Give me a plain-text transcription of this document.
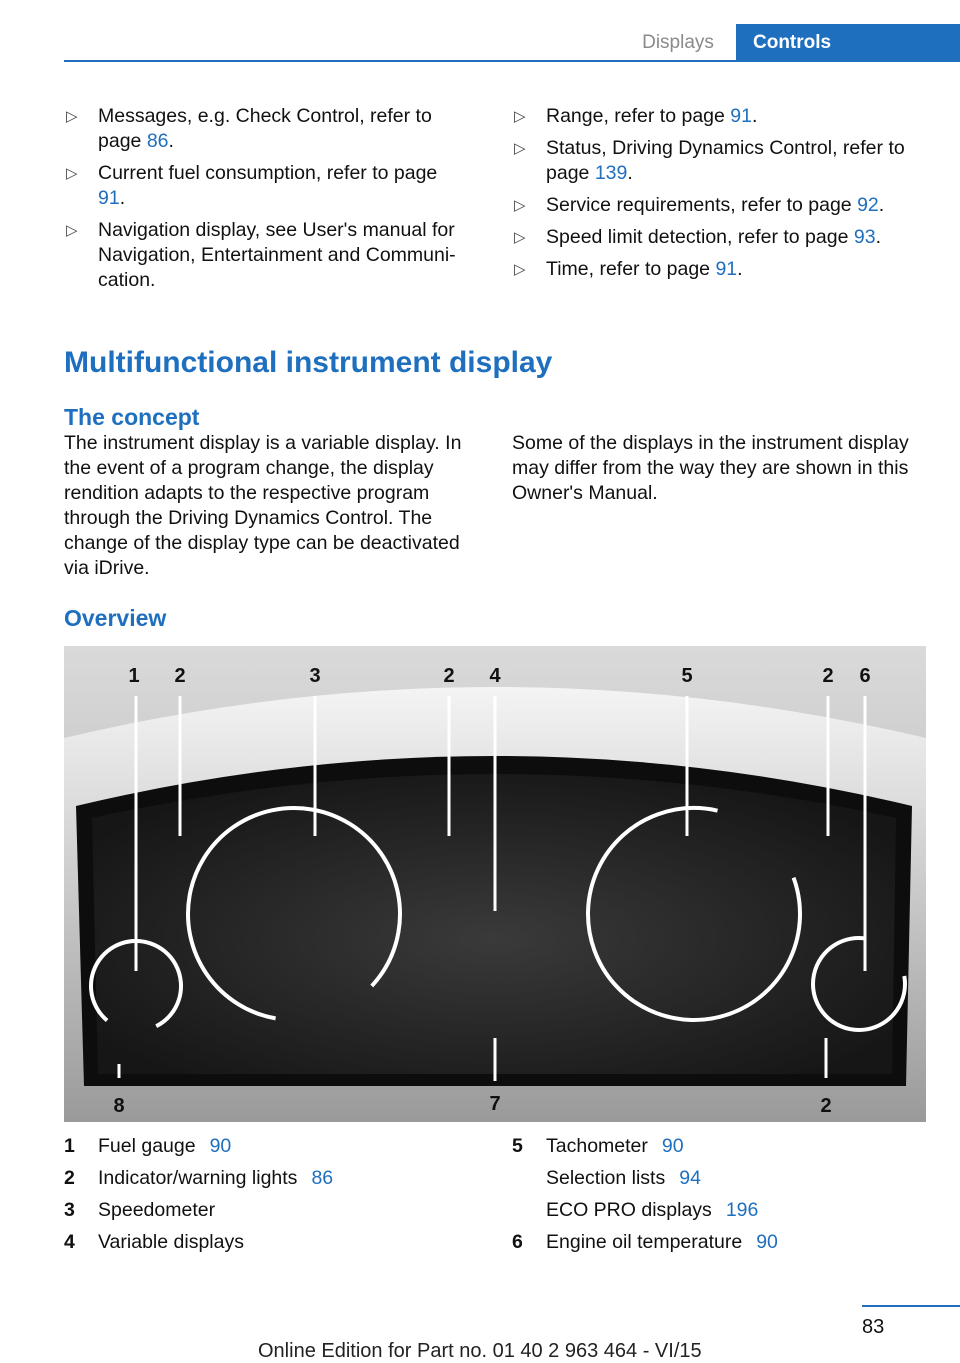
Displays	Controls
▷ Messages, e.g. Check Control, refer to page 86.
▷ Current fuel consumption, refer to page 91.
▷ Navigation display, see User's manual for Navigation, Entertainment and Communi‐cation.
▷ Range, refer to page 91.
▷ Status, Driving Dynamics Control, refer to page 139.
▷ Service requirements, refer to page 92.
▷ Speed limit detection, refer to page 93.
▷ Time, refer to page 91.
Multifunctional instrument display
The concept
The instrument display is a variable display. In the event of a program change, the display rendition adapts to the respective program through the Driving Dynamics Control. The change of the display type can be deactivated via iDrive.
Some of the displays in the instrument display may differ from the way they are shown in this Owner's Manual.
Overview
1 2	3	2 4	5	2 6
8	7	2
1 Fuel gauge 90
2 Indicator/warning lights 86
3 Speedometer
4 Variable displays
5 Tachometer 90
Selection lists 94
ECO PRO displays 196
6 Engine oil temperature 90
83
Online Edition for Part no. 01 40 2 963 464 - VI/15
